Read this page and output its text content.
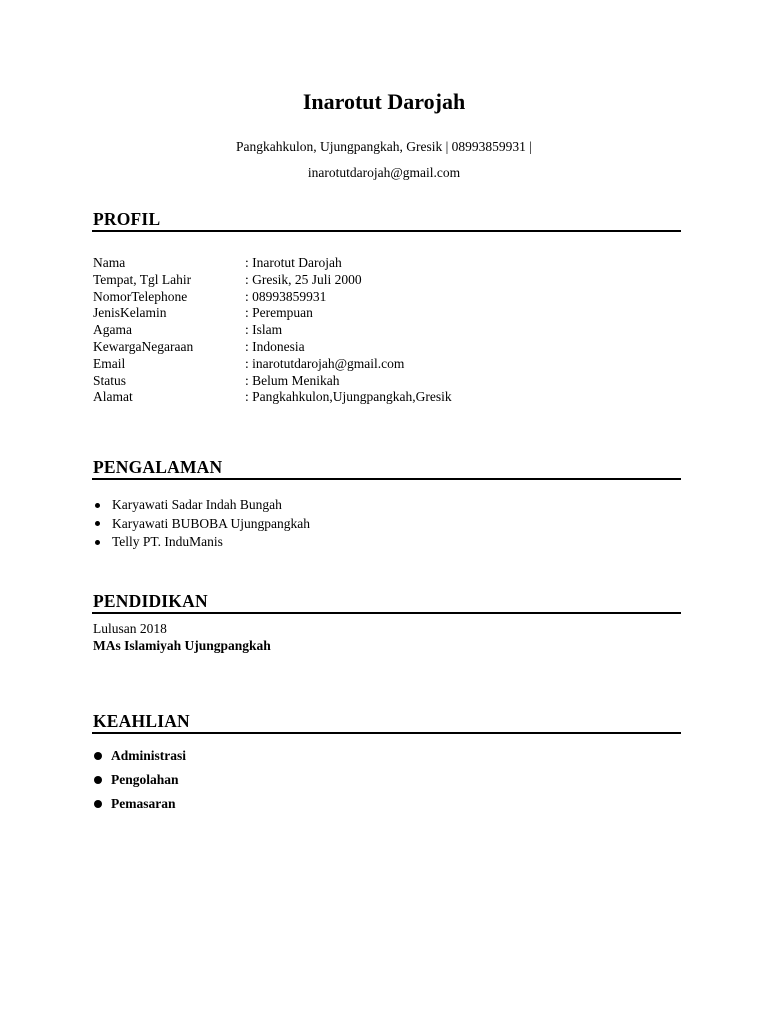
Inarotut Darojah
Pangkahkulon, Ujungpangkah, Gresik | 08993859931 |
inarotutdarojah@gmail.com
PROFIL
Nama	: Inarotut Darojah
Tempat, Tgl Lahir	: Gresik, 25 Juli 2000
NomorTelephone	: 08993859931
JenisKelamin	: Perempuan
Agama	: Islam
KewargaNegaraan	: Indonesia
Email	: inarotutdarojah@gmail.com
Status	: Belum Menikah
Alamat	: Pangkahkulon,Ujungpangkah,Gresik
PENGALAMAN
Karyawati Sadar Indah Bungah
Karyawati BUBOBA Ujungpangkah
Telly PT. InduManis
PENDIDIKAN
Lulusan 2018
MAs Islamiyah Ujungpangkah
KEAHLIAN
Administrasi
Pengolahan
Pemasaran
